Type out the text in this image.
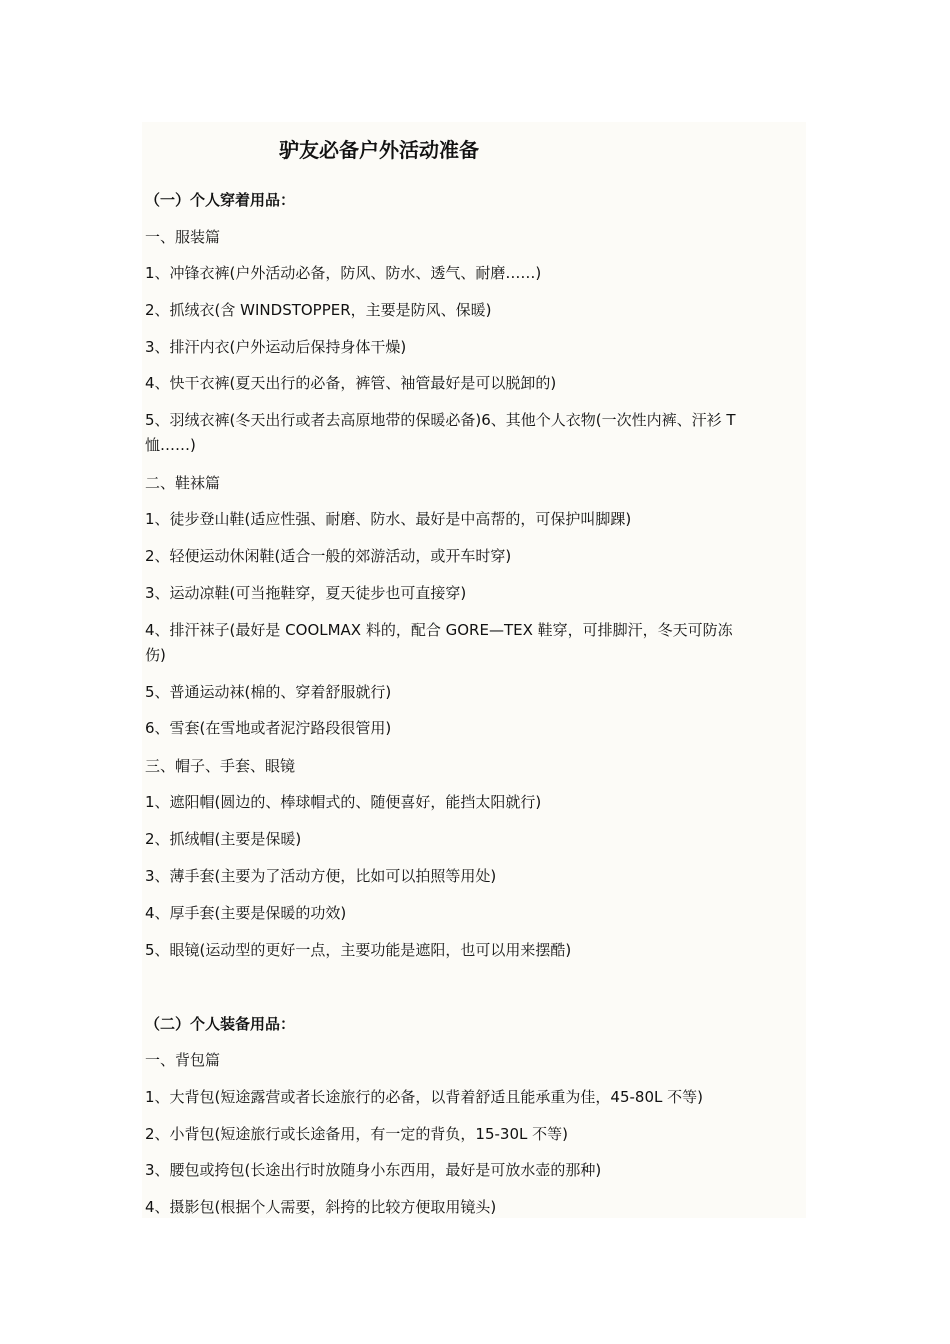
驴友必备户外活动准备
（一）个人穿着用品：
一、服装篇
1、冲锋衣裤(户外活动必备，防风、防水、透气、耐磨……)
2、抓绒衣(含 WINDSTOPPER，主要是防风、保暖)
3、排汗内衣(户外运动后保持身体干燥)
4、快干衣裤(夏天出行的必备，裤管、袖管最好是可以脱卸的)
5、羽绒衣裤(冬天出行或者去高原地带的保暖必备)6、其他个人衣物(一次性内裤、汗衫 T
恤……)
二、鞋袜篇
1、徒步登山鞋(适应性强、耐磨、防水、最好是中高帮的，可保护叫脚踝)
2、轻便运动休闲鞋(适合一般的郊游活动，或开车时穿)
3、运动凉鞋(可当拖鞋穿，夏天徒步也可直接穿)
4、排汗袜子(最好是 COOLMAX 料的，配合 GORE—TEX 鞋穿，可排脚汗，冬天可防冻
伤)
5、普通运动袜(棉的、穿着舒服就行)
6、雪套(在雪地或者泥泞路段很管用)
三、帽子、手套、眼镜
1、遮阳帽(圆边的、棒球帽式的、随便喜好，能挡太阳就行)
2、抓绒帽(主要是保暖)
3、薄手套(主要为了活动方便，比如可以拍照等用处)
4、厚手套(主要是保暖的功效)
5、眼镜(运动型的更好一点，主要功能是遮阳，也可以用来摆酷)
（二）个人装备用品：
一、背包篇
1、大背包(短途露营或者长途旅行的必备，以背着舒适且能承重为佳，45-80L 不等)
2、小背包(短途旅行或长途备用，有一定的背负，15-30L 不等)
3、腰包或挎包(长途出行时放随身小东西用，最好是可放水壶的那种)
4、摄影包(根据个人需要，斜挎的比较方便取用镜头)
